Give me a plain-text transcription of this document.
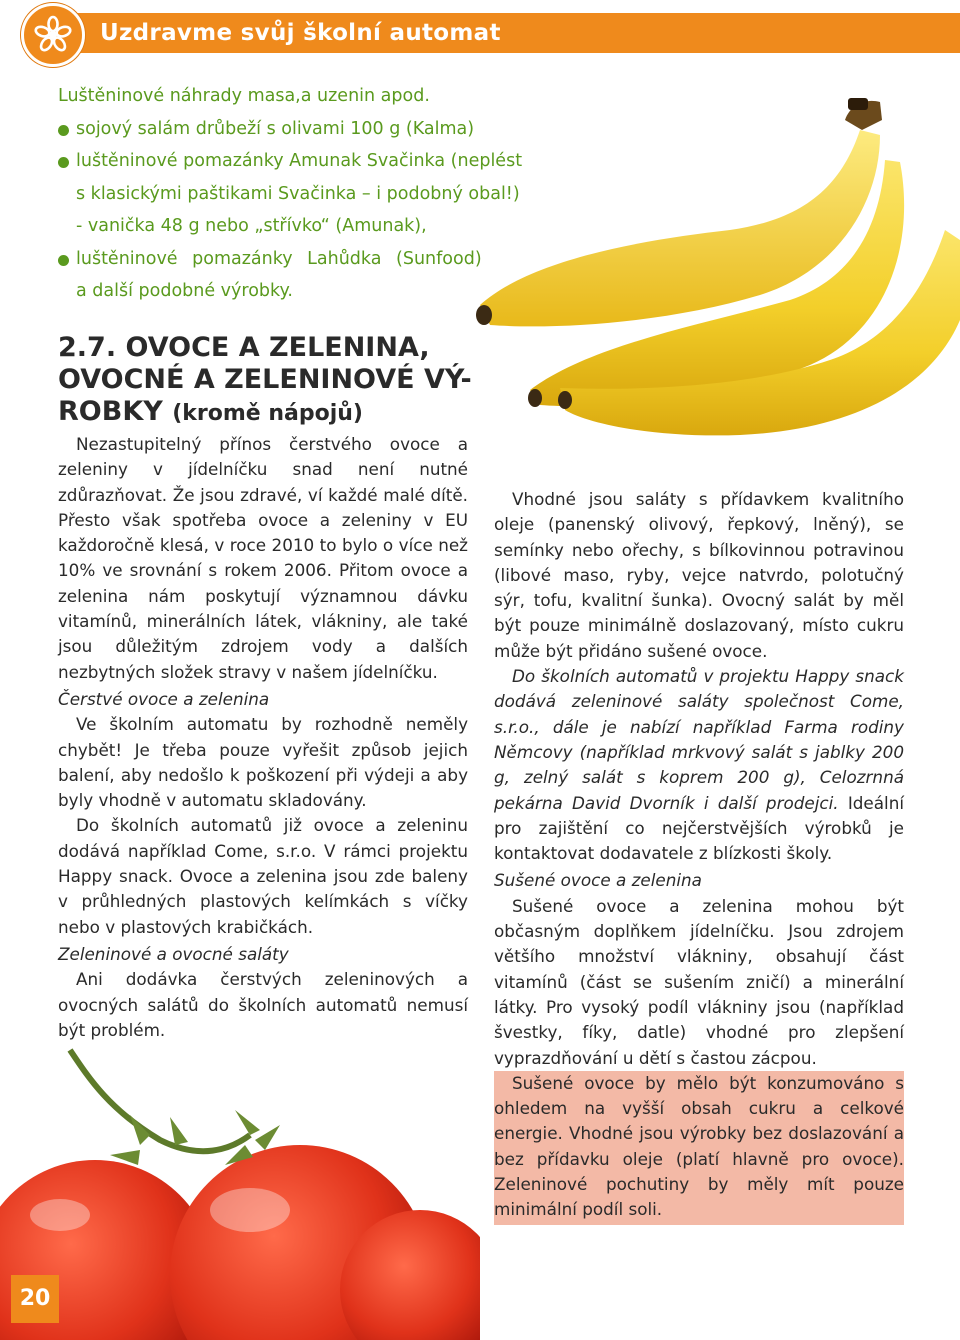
Uzdravme svůj školní automat
Luštěninové náhrady masa,a uzenin apod.
sojový salám drůbeží s olivami 100 g (Kalma)
luštěninové pomazánky Amunak Svačinka (neplést
s klasickými paštikami Svačinka – i podobný obal!)
- vanička 48 g nebo „střívko“ (Amunak),
luštěninové pomazánky Lahůdka (Sunfood)
a další podobné výrobky.
2.7. OVOCE A ZELENINA, OVOCNÉ A ZELENINOVÉ VÝ-ROBKY (kromě nápojů)
Nezastupitelný přínos čerstvého ovoce a zeleniny v jídelníčku snad není nutné zdůrazňovat. Že jsou zdravé, ví každé malé dítě. Přesto však spotřeba ovoce a zeleniny v EU každoročně klesá, v roce 2010 to bylo o více než 10% ve srovnání s rokem 2006. Přitom ovoce a zelenina nám poskytují významnou dávku vitamínů, minerálních látek, vlákniny, ale také jsou důležitým zdrojem vody a dalších nezbytných složek stravy v našem jídelníčku.
Čerstvé ovoce a zelenina
Ve školním automatu by rozhodně neměly chybět! Je třeba pouze vyřešit způsob jejich balení, aby nedošlo k poškození při výdeji a aby byly vhodně v automatu skladovány.
Do školních automatů již ovoce a zeleninu dodává například Come, s.r.o. V rámci projektu Happy snack. Ovoce a zelenina jsou zde baleny v průhledných plastových kelímkách s víčky nebo v plastových krabičkách.
Zeleninové a ovocné saláty
Ani dodávka čerstvých zeleninových a ovocných salátů do školních automatů nemusí být problém.
Vhodné jsou saláty s přídavkem kvalitního oleje (panenský olivový, řepkový, lněný), se semínky nebo ořechy, s bílkovinnou potravinou (libové maso, ryby, vejce natvrdo, polotučný sýr, tofu, kvalitní šunka). Ovocný salát by měl být pouze minimálně doslazovaný, místo cukru může být přidáno sušené ovoce.
Do školních automatů v projektu Happy snack dodává zeleninové saláty společnost Come, s.r.o., dále je nabízí například Farma rodiny Němcovy (například mrkvový salát s jablky 200 g, zelný salát s koprem 200 g), Celozrnná pekárna David Dvorník i další prodejci. Ideální pro zajištění co nejčerstvějších výrobků je kontaktovat dodavatele z blízkosti školy.
Sušené ovoce a zelenina
Sušené ovoce a zelenina mohou být občasným doplňkem jídelníčku. Jsou zdrojem většího množství vlákniny, obsahují část vitamínů (část se sušením zničí) a minerální látky. Pro vysoký podíl vlákniny jsou (například švestky, fíky, datle) vhodné pro zlepšení vyprazdňování u dětí s častou zácpou.
Sušené ovoce by mělo být konzumováno s ohledem na vyšší obsah cukru a celkové energie. Vhodné jsou výrobky bez doslazování a bez přídavku oleje (platí hlavně pro ovoce). Zeleninové pochutiny by měly mít pouze minimální podíl soli.
20
